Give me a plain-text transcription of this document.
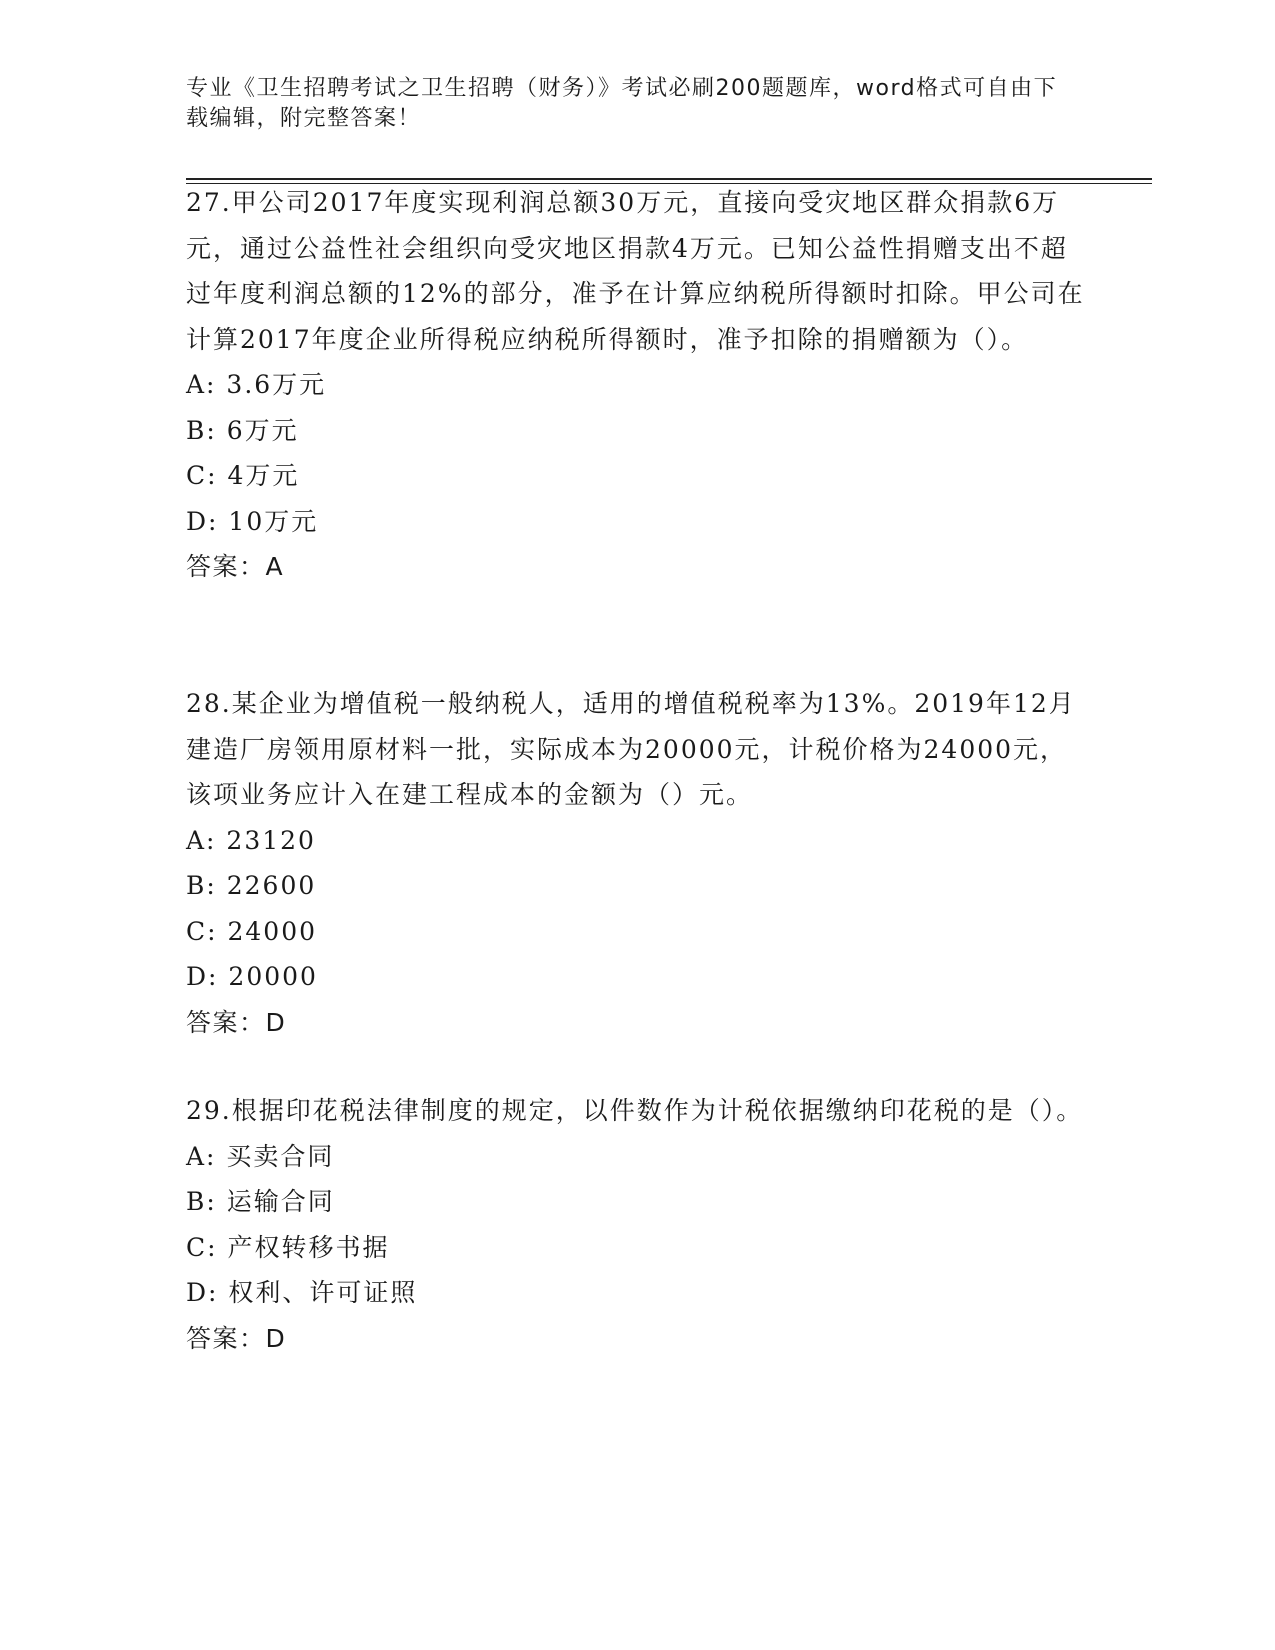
专业《卫生招聘考试之卫生招聘（财务）》考试必刷200题题库，word格式可自由下载编辑，附完整答案！

27.甲公司2017年度实现利润总额30万元，直接向受灾地区群众捐款6万元，通过公益性社会组织向受灾地区捐款4万元。已知公益性捐赠支出不超过年度利润总额的12%的部分，准予在计算应纳税所得额时扣除。甲公司在计算2017年度企业所得税应纳税所得额时，准予扣除的捐赠额为（）。

A: 3.6万元

B: 6万元

C: 4万元

D: 10万元

答案：A

28.某企业为增值税一般纳税人，适用的增值税税率为13%。2019年12月建造厂房领用原材料一批，实际成本为20000元，计税价格为24000元，该项业务应计入在建工程成本的金额为（）元。

A: 23120

B: 22600

C: 24000

D: 20000

答案：D

29.根据印花税法律制度的规定，以件数作为计税依据缴纳印花税的是（）。

A: 买卖合同

B: 运输合同

C: 产权转移书据

D: 权利、许可证照

答案：D
